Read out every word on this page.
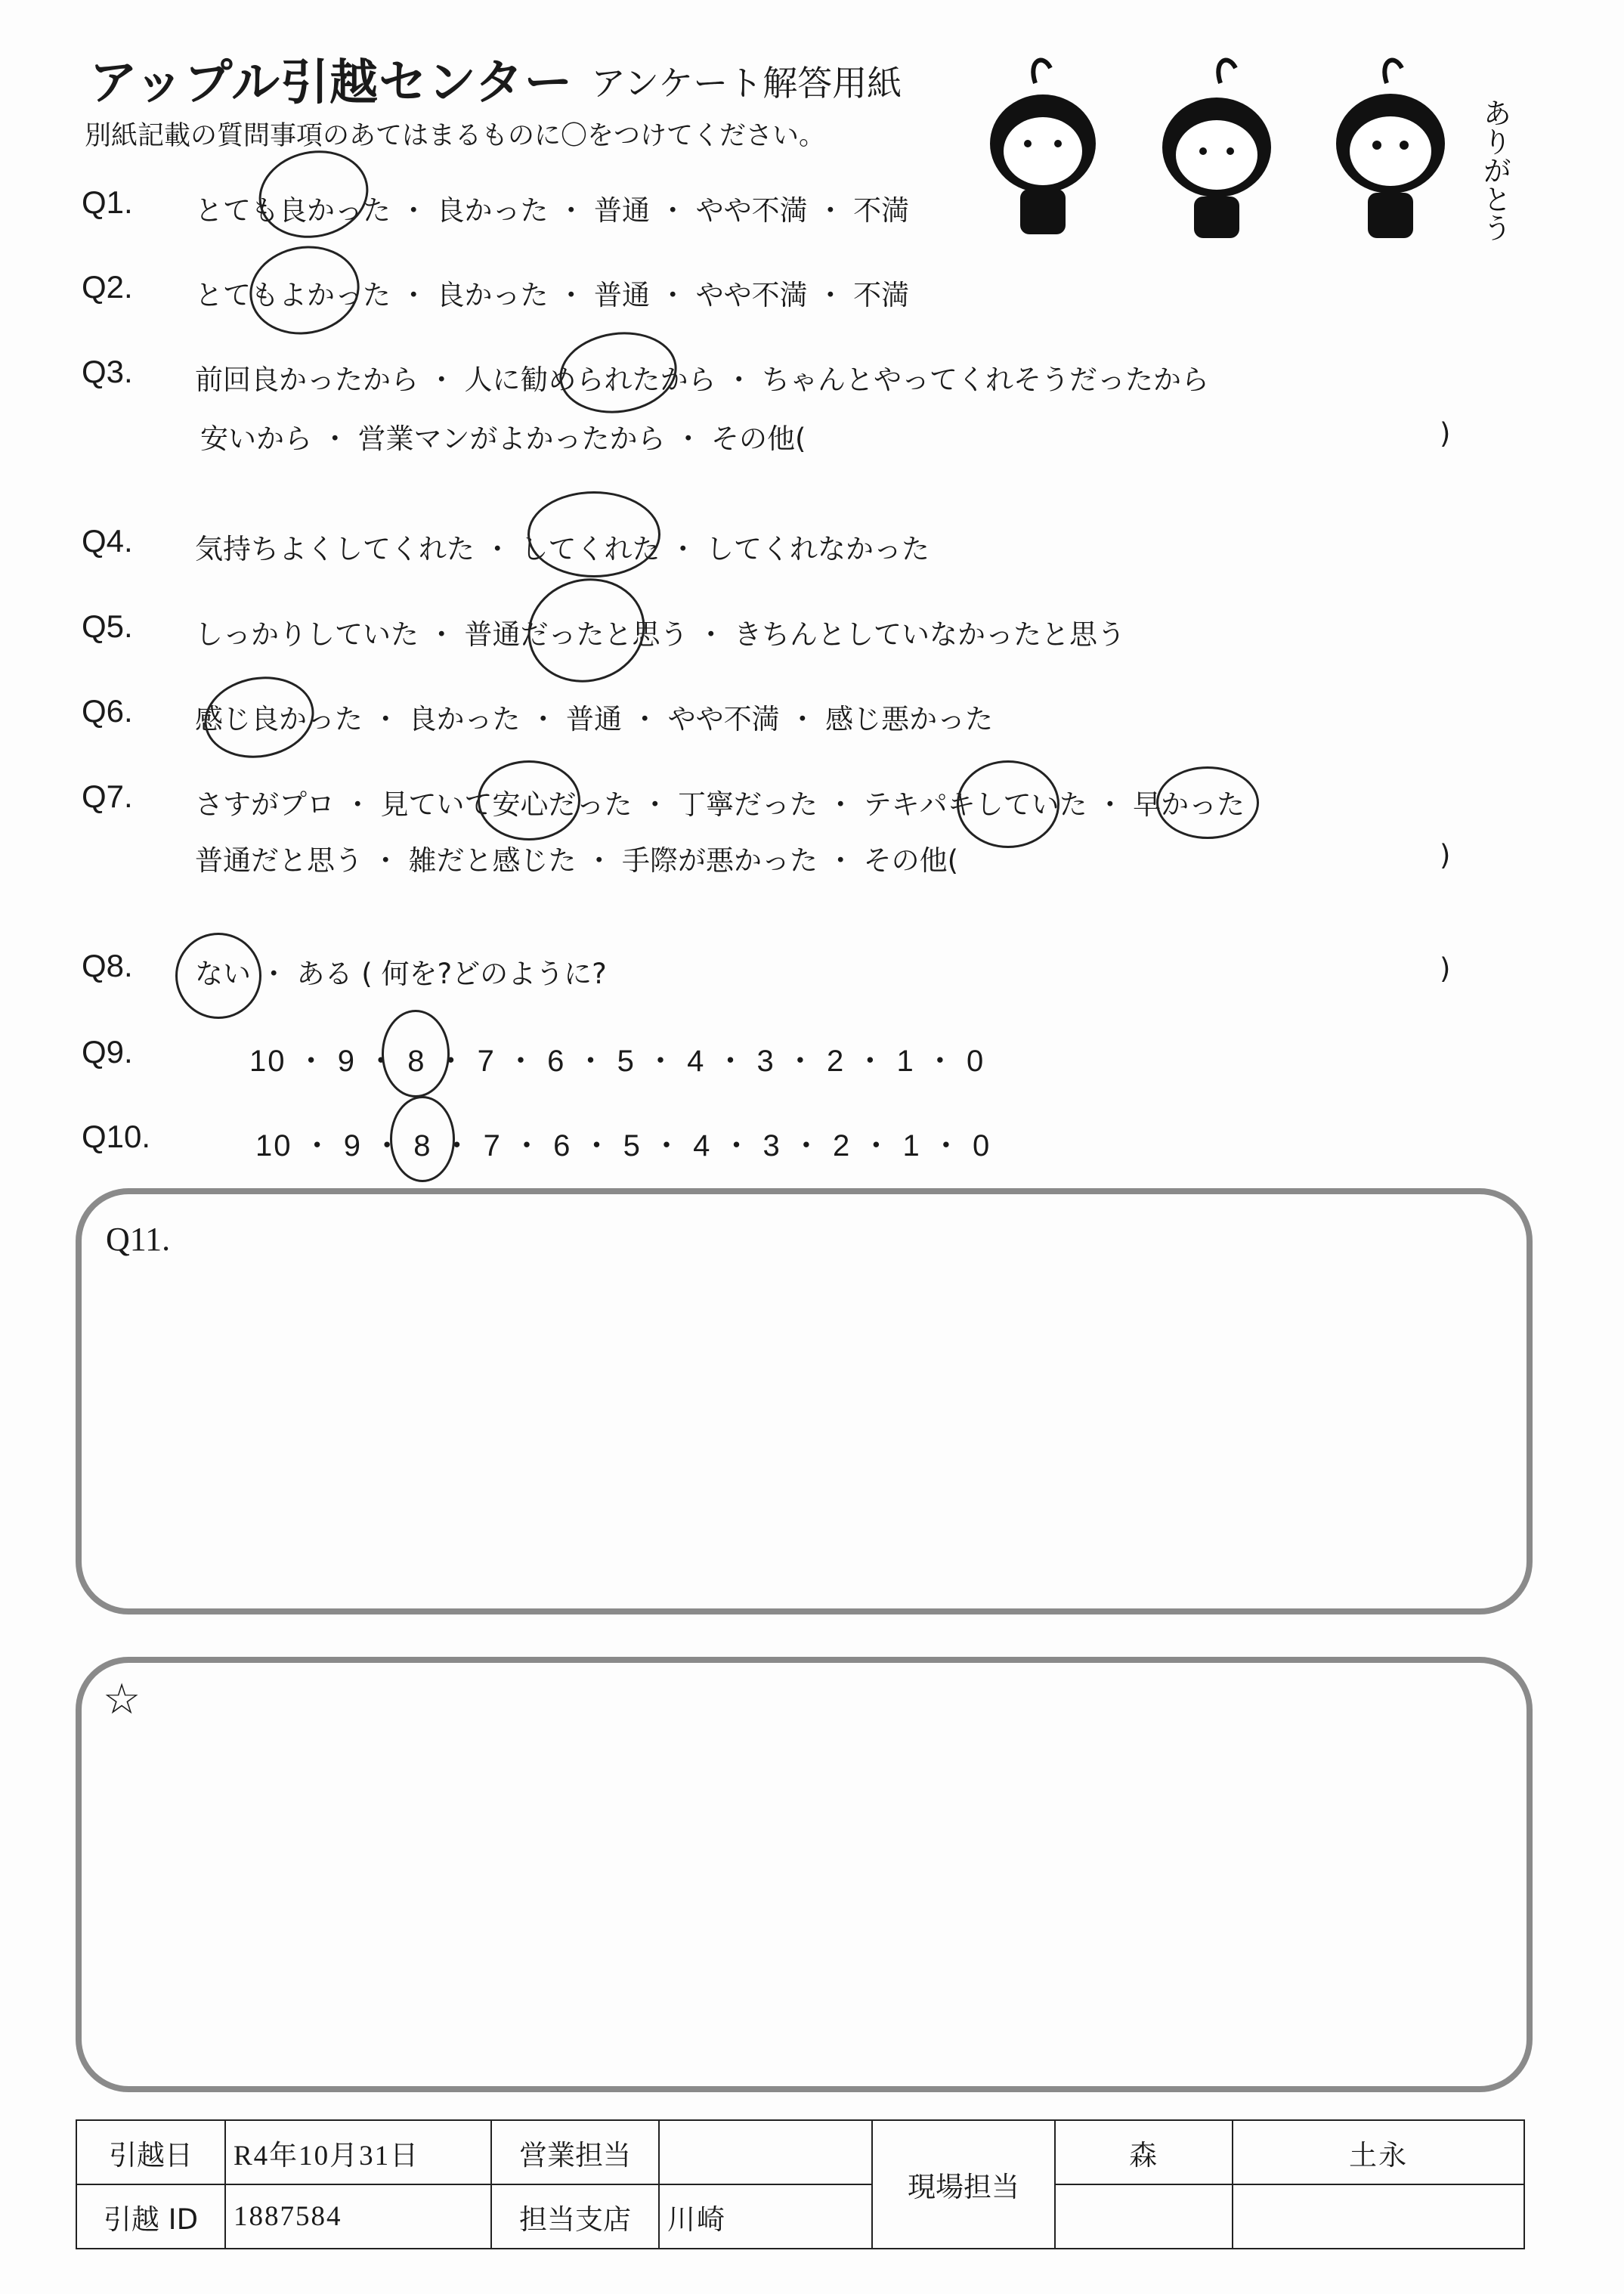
アップル引越センター アンケート解答用紙
別紙記載の質問事項のあてはまるものに〇をつけてください。	ありがとう
Q1. とても良かった ・ 良かった ・ 普通 ・ やや不満 ・ 不満
Q2. とてもよかった ・ 良かった ・ 普通 ・ やや不満 ・ 不満
Q3. 前回良かったから ・ 人に勧められたから ・ ちゃんとやってくれそうだったから
安いから ・ 営業マンがよかったから ・ その他(	)
Q4. 気持ちよくしてくれた ・ してくれた ・ してくれなかった
Q5. しっかりしていた ・ 普通だったと思う ・ きちんとしていなかったと思う
Q6. 感じ良かった ・ 良かった ・ 普通 ・ やや不満 ・ 感じ悪かった
Q7. さすがプロ ・ 見ていて安心だった ・ 丁寧だった ・ テキパキしていた ・ 早かった
普通だと思う ・ 雑だと感じた ・ 手際が悪かった ・ その他(	)
Q8. ない ・ ある ( 何を?どのように?	)
Q9.	10 ・ 9 ・ 8 ・ 7 ・ 6 ・ 5 ・ 4 ・ 3 ・ 2 ・ 1 ・ 0
Q10.	10 ・ 9 ・ 8 ・ 7 ・ 6 ・ 5 ・ 4 ・ 3 ・ 2 ・ 1 ・ 0
Q11.
☆
引越日	R4年10月31日	営業担当		現場担当	森	土永
引越 ID	1887584	担当支店	川崎			
